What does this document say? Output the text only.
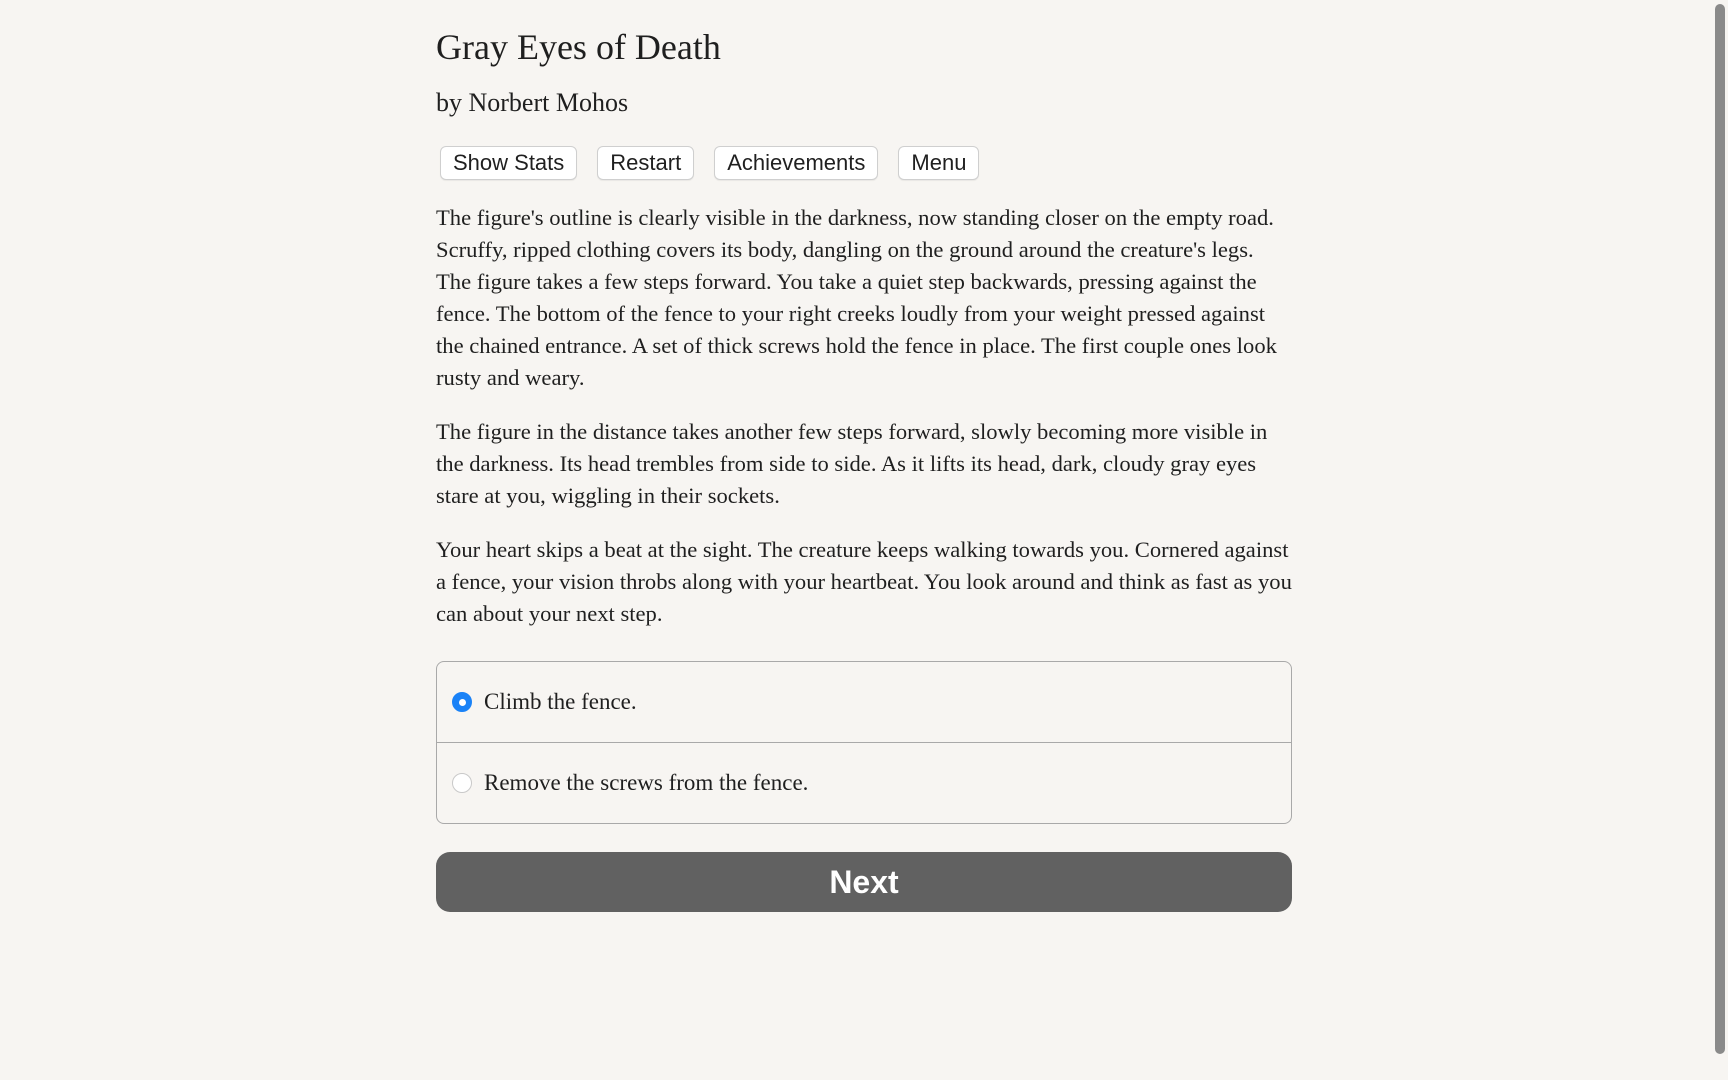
Gray Eyes of Death
by Norbert Mohos
Show Stats	Restart	Achievements	Menu

The figure's outline is clearly visible in the darkness, now standing closer on the empty road. Scruffy, ripped clothing covers its body, dangling on the ground around the creature's legs. The figure takes a few steps forward. You take a quiet step backwards, pressing against the fence. The bottom of the fence to your right creeks loudly from your weight pressed against the chained entrance. A set of thick screws hold the fence in place. The first couple ones look rusty and weary.

The figure in the distance takes another few steps forward, slowly becoming more visible in the darkness. Its head trembles from side to side. As it lifts its head, dark, cloudy gray eyes stare at you, wiggling in their sockets.

Your heart skips a beat at the sight. The creature keeps walking towards you. Cornered against a fence, your vision throbs along with your heartbeat. You look around and think as fast as you can about your next step.

Climb the fence.
Remove the screws from the fence.
Next
